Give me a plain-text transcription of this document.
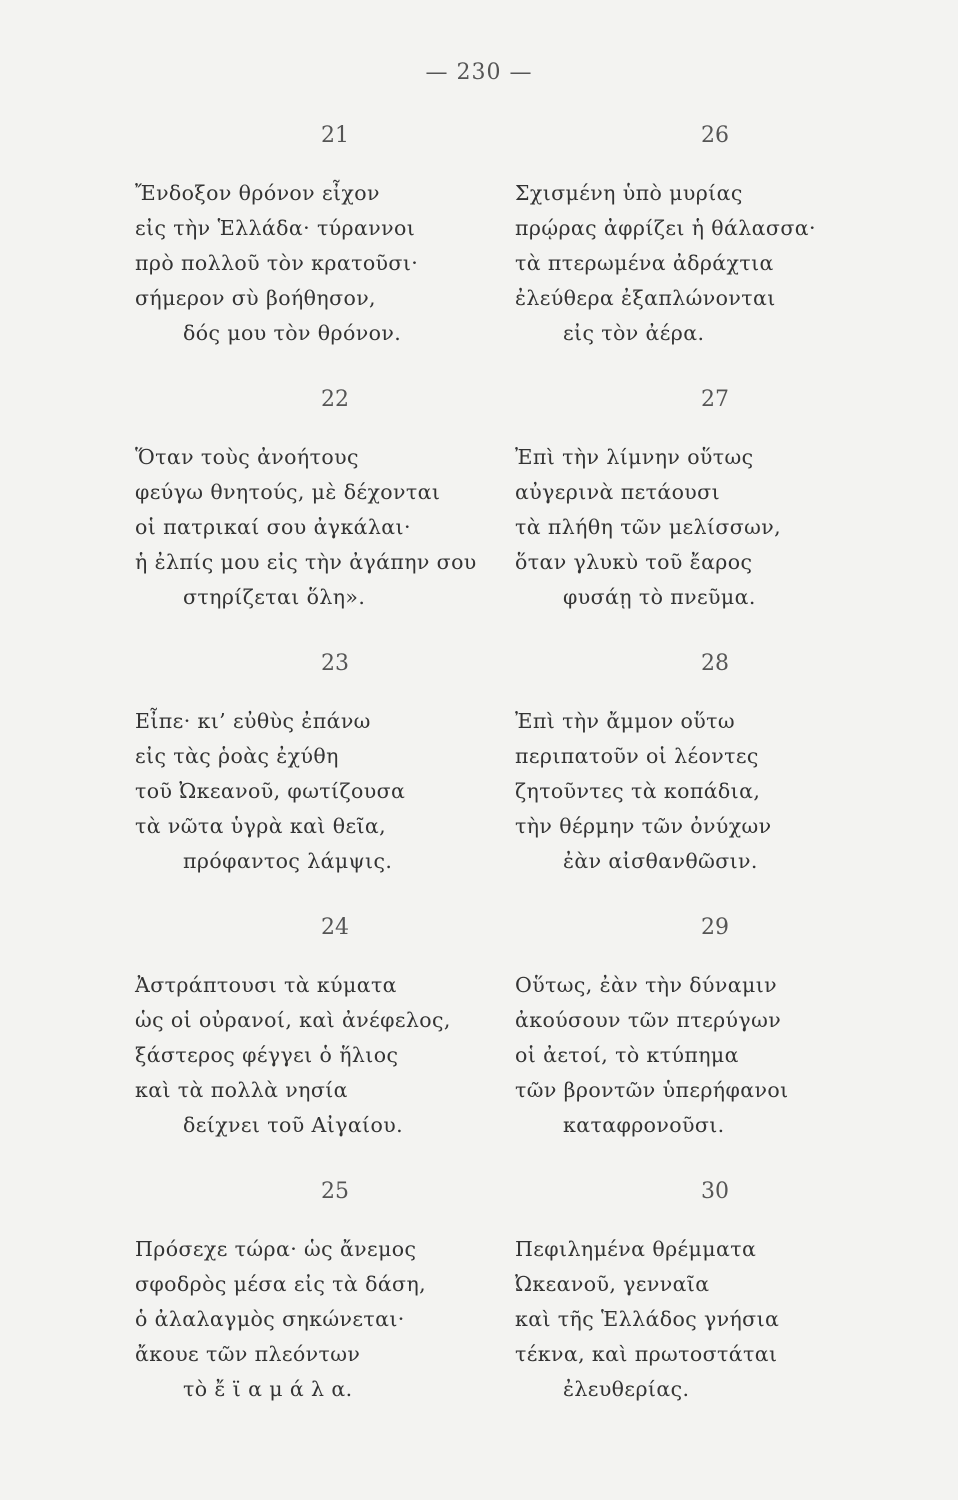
— 230 —
21
Ἔνδοξον θρόνον εἶχον
εἰς τὴν Ἑλλάδα· τύραννοι
πρὸ πολλοῦ τὸν κρατοῦσι·
σήμερον σὺ βοήθησον,
δός μου τὸν θρόνον.
22
Ὅταν τοὺς ἀνοήτους
φεύγω θνητούς, μὲ δέχονται
οἱ πατρικαί σου ἀγκάλαι·
ἡ ἐλπίς μου εἰς τὴν ἀγάπην σου
στηρίζεται ὅλη».
23
Εἶπε· κι’ εὐθὺς ἐπάνω
εἰς τὰς ῥοὰς ἐχύθη
τοῦ Ὠκεανοῦ, φωτίζουσα
τὰ νῶτα ὑγρὰ καὶ θεῖα,
πρόφαντος λάμψις.
24
Ἀστράπτουσι τὰ κύματα
ὡς οἱ οὐρανοί, καὶ ἀνέφελος,
ξάστερος φέγγει ὁ ἥλιος
καὶ τὰ πολλὰ νησία
δείχνει τοῦ Αἰγαίου.
25
Πρόσεχε τώρα· ὡς ἄνεμος
σφοδρὸς μέσα εἰς τὰ δάση,
ὁ ἀλαλαγμὸς σηκώνεται·
ἄκουε τῶν πλεόντων
τὸ ἔ ϊ α μ ά λ α.
26
Σχισμένη ὑπὸ μυρίας
πρῴρας ἀφρίζει ἡ θάλασσα·
τὰ πτερωμένα ἀδράχτια
ἐλεύθερα ἐξαπλώνονται
εἰς τὸν ἀέρα.
27
Ἐπὶ τὴν λίμνην οὕτως
αὐγερινὰ πετάουσι
τὰ πλήθη τῶν μελίσσων,
ὅταν γλυκὺ τοῦ ἔαρος
φυσάῃ τὸ πνεῦμα.
28
Ἐπὶ τὴν ἄμμον οὕτω
περιπατοῦν οἱ λέοντες
ζητοῦντες τὰ κοπάδια,
τὴν θέρμην τῶν ὀνύχων
ἐὰν αἰσθανθῶσιν.
29
Οὕτως, ἐὰν τὴν δύναμιν
ἀκούσουν τῶν πτερύγων
οἱ ἀετοί, τὸ κτύπημα
τῶν βροντῶν ὑπερήφανοι
καταφρονοῦσι.
30
Πεφιλημένα θρέμματα
Ὠκεανοῦ, γενναῖα
καὶ τῆς Ἑλλάδος γνήσια
τέκνα, καὶ πρωτοστάται
ἐλευθερίας.
